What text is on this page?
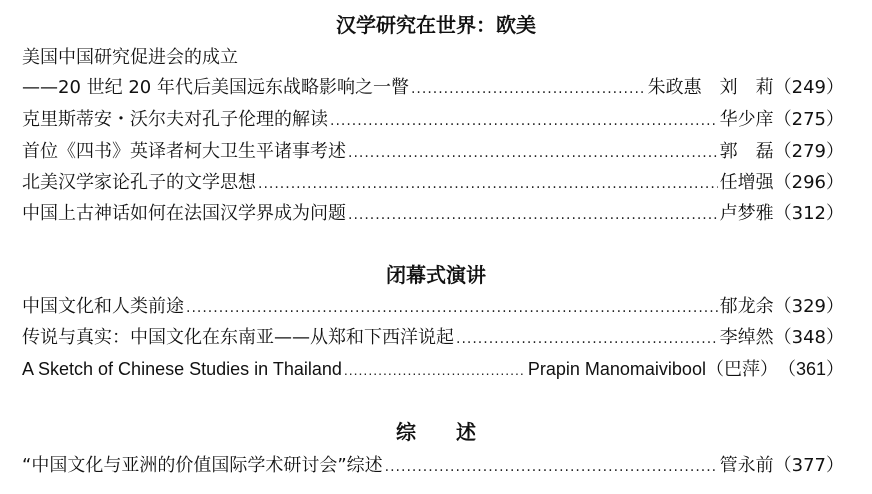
汉学研究在世界：欧美
美国中国研究促进会的成立
——20 世纪 20 年代后美国远东战略影响之一瞥 .....	朱政惠　刘　莉 （249）
克里斯蒂安・沃尔夫对孔子伦理的解读 .....	华少庠 （275）
首位《四书》英译者柯大卫生平诸事考述 .....	郭　磊 （279）
北美汉学家论孔子的文学思想 .....	任增强 （296）
中国上古神话如何在法国汉学界成为问题 .....	卢梦雅 （312）
闭幕式演讲
中国文化和人类前途 .....	郁龙余 （329）
传说与真实：中国文化在东南亚——从郑和下西洋说起 .....	李绰然 （348）
A Sketch of Chinese Studies in Thailand .....	Prapin Manomaivibool（巴萍） （361）
综　　述
“中国文化与亚洲的价值国际学术研讨会”综述 .....	管永前 （377）
